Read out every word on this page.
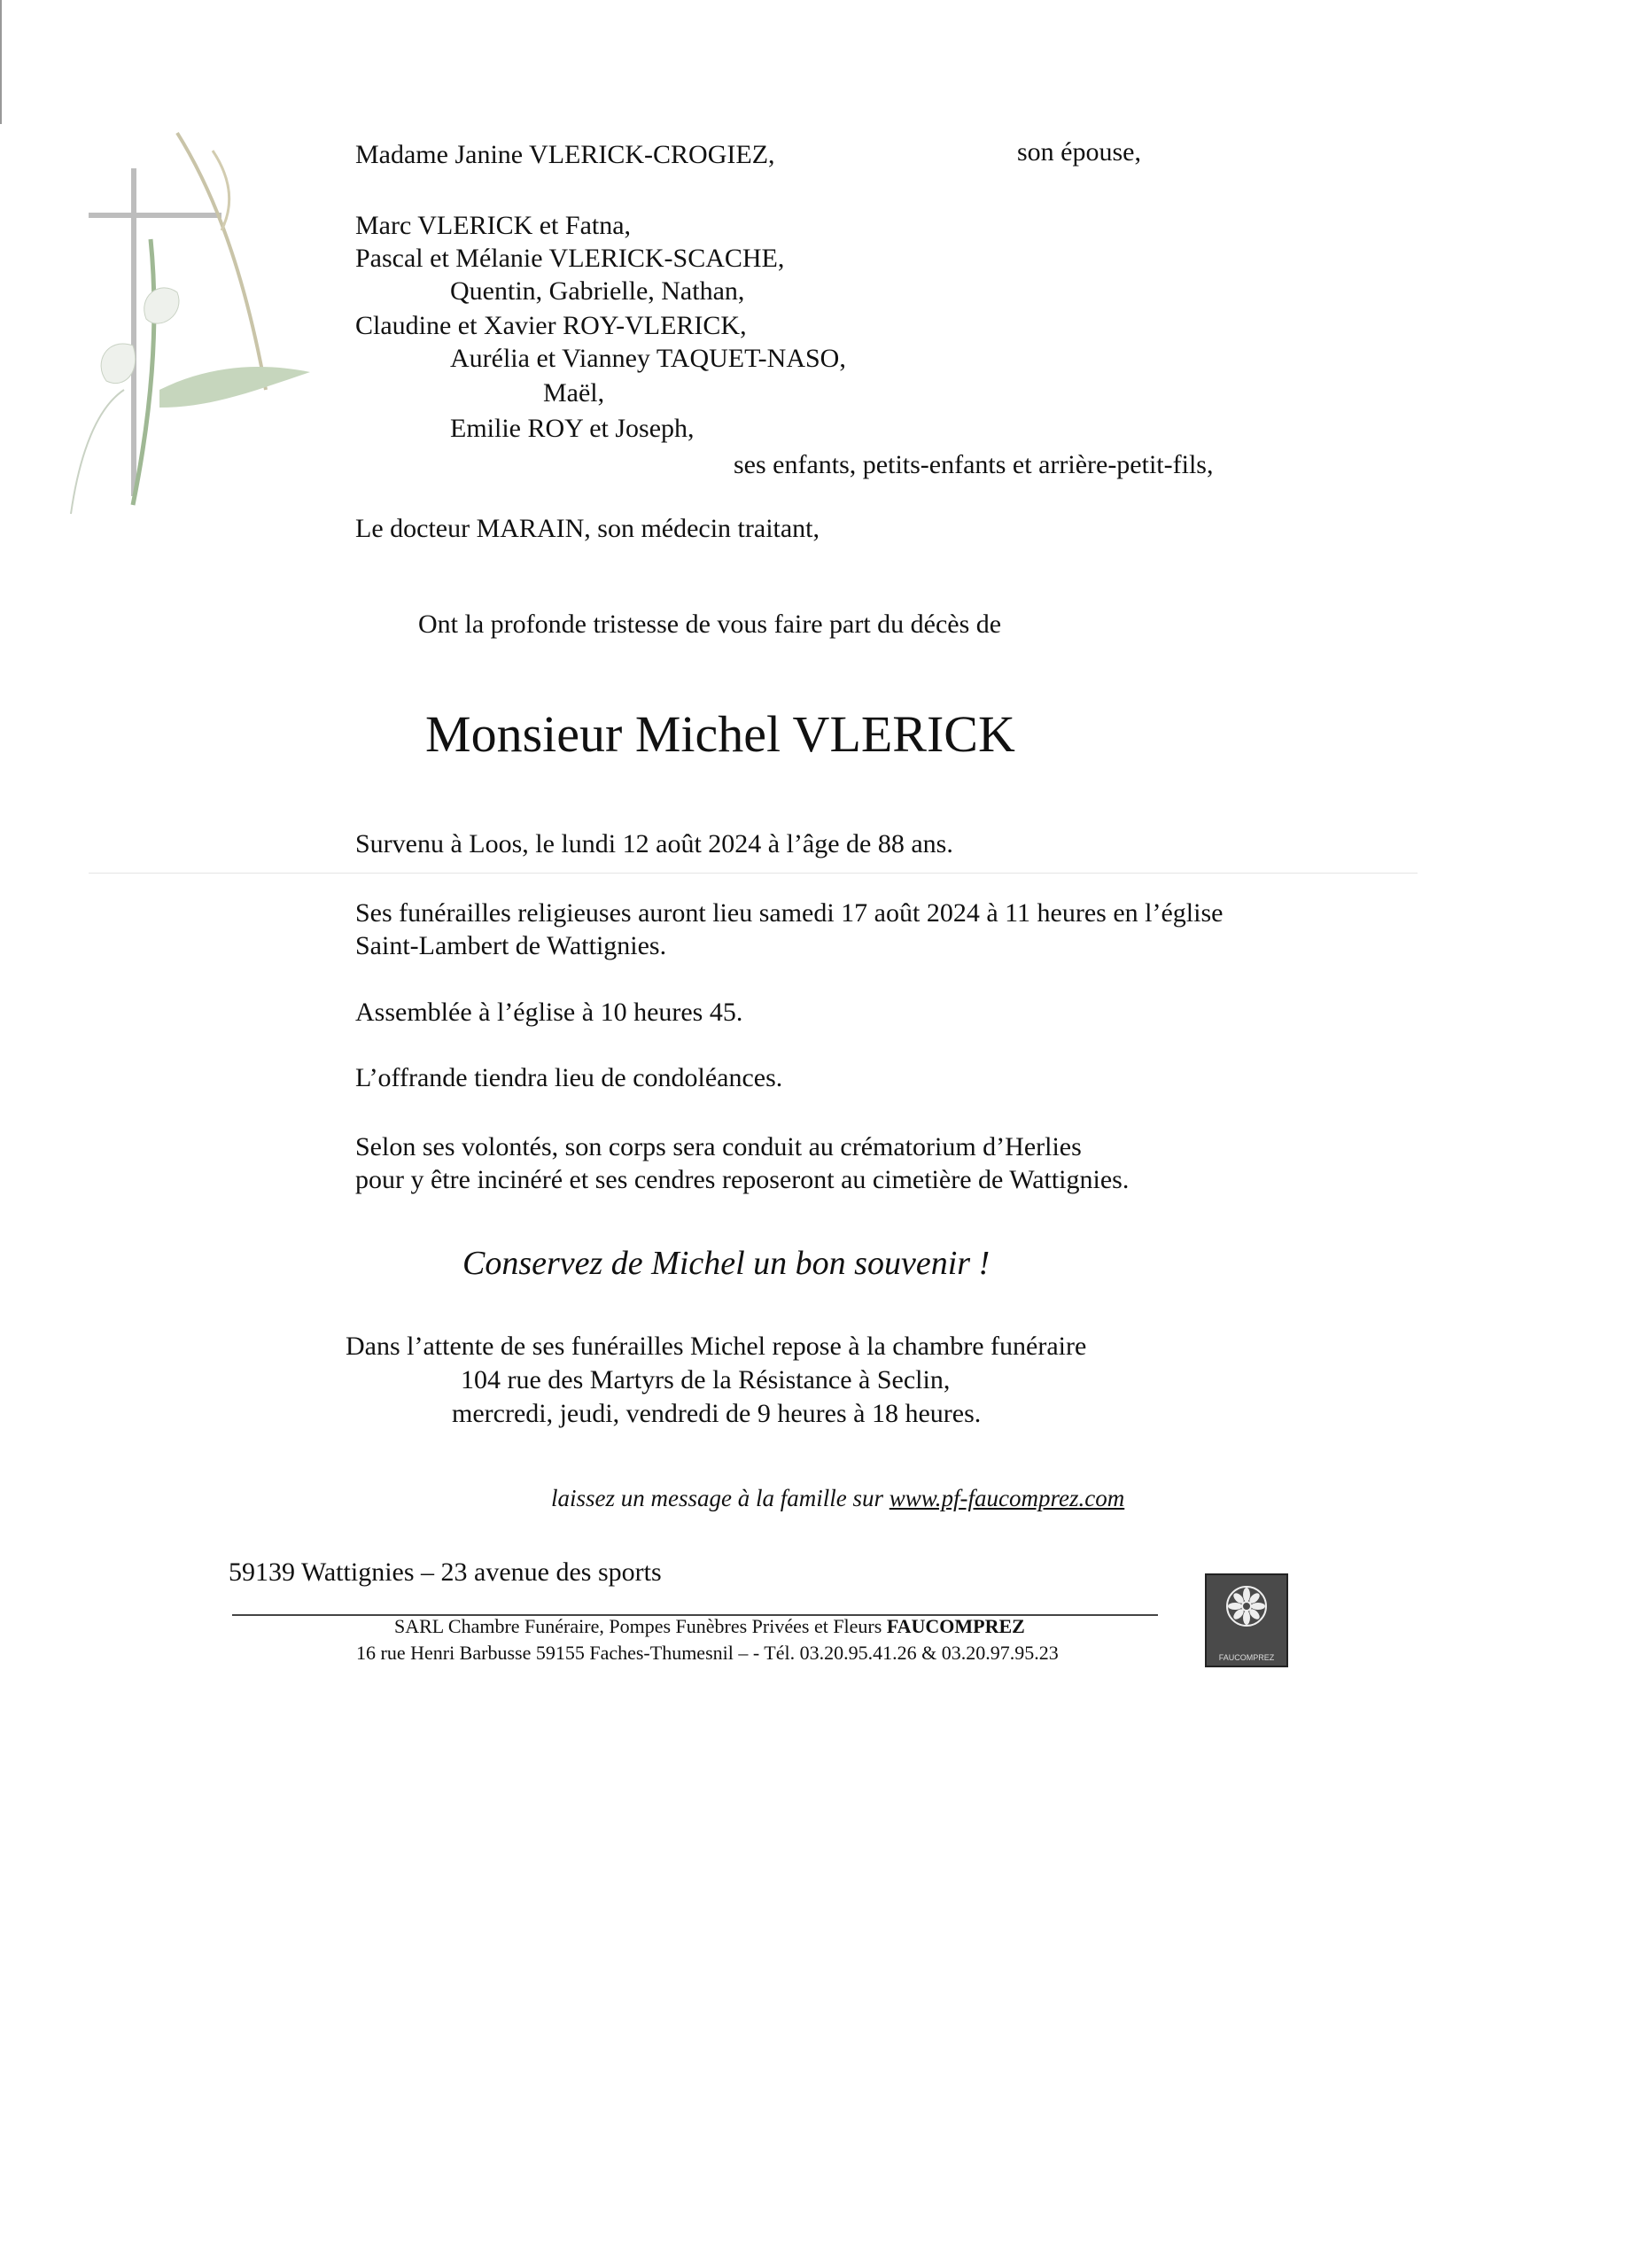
Madame Janine VLERICK-CROGIEZ,	son épouse,
Marc VLERICK et Fatna,
Pascal et Mélanie VLERICK-SCACHE,
Quentin, Gabrielle, Nathan,
Claudine et Xavier ROY-VLERICK,
Aurélia et Vianney TAQUET-NASO,
Maël,
Emilie ROY et Joseph,
ses enfants, petits-enfants et arrière-petit-fils,
Le docteur MARAIN, son médecin traitant,
Ont la profonde tristesse de vous faire part du décès de
Monsieur Michel VLERICK
Survenu à Loos, le lundi 12 août 2024 à l’âge de 88 ans.
Ses funérailles religieuses auront lieu samedi 17 août 2024 à 11 heures en l’église
Saint-Lambert de Wattignies.
Assemblée à l’église à 10 heures 45.
L’offrande tiendra lieu de condoléances.
Selon ses volontés, son corps sera conduit au crématorium d’Herlies
pour y être incinéré et ses cendres reposeront au cimetière de Wattignies.
Conservez de Michel un bon souvenir !
Dans l’attente de ses funérailles Michel repose à la chambre funéraire
104 rue des Martyrs de la Résistance à Seclin,
mercredi, jeudi, vendredi de 9 heures à 18 heures.
laissez un message à la famille sur www.pf-faucomprez.com
59139 Wattignies – 23 avenue des sports
SARL Chambre Funéraire, Pompes Funèbres Privées et Fleurs FAUCOMPREZ
16 rue Henri Barbusse 59155 Faches-Thumesnil – - Tél. 03.20.95.41.26 & 03.20.97.95.23	FAUCOMPREZ
